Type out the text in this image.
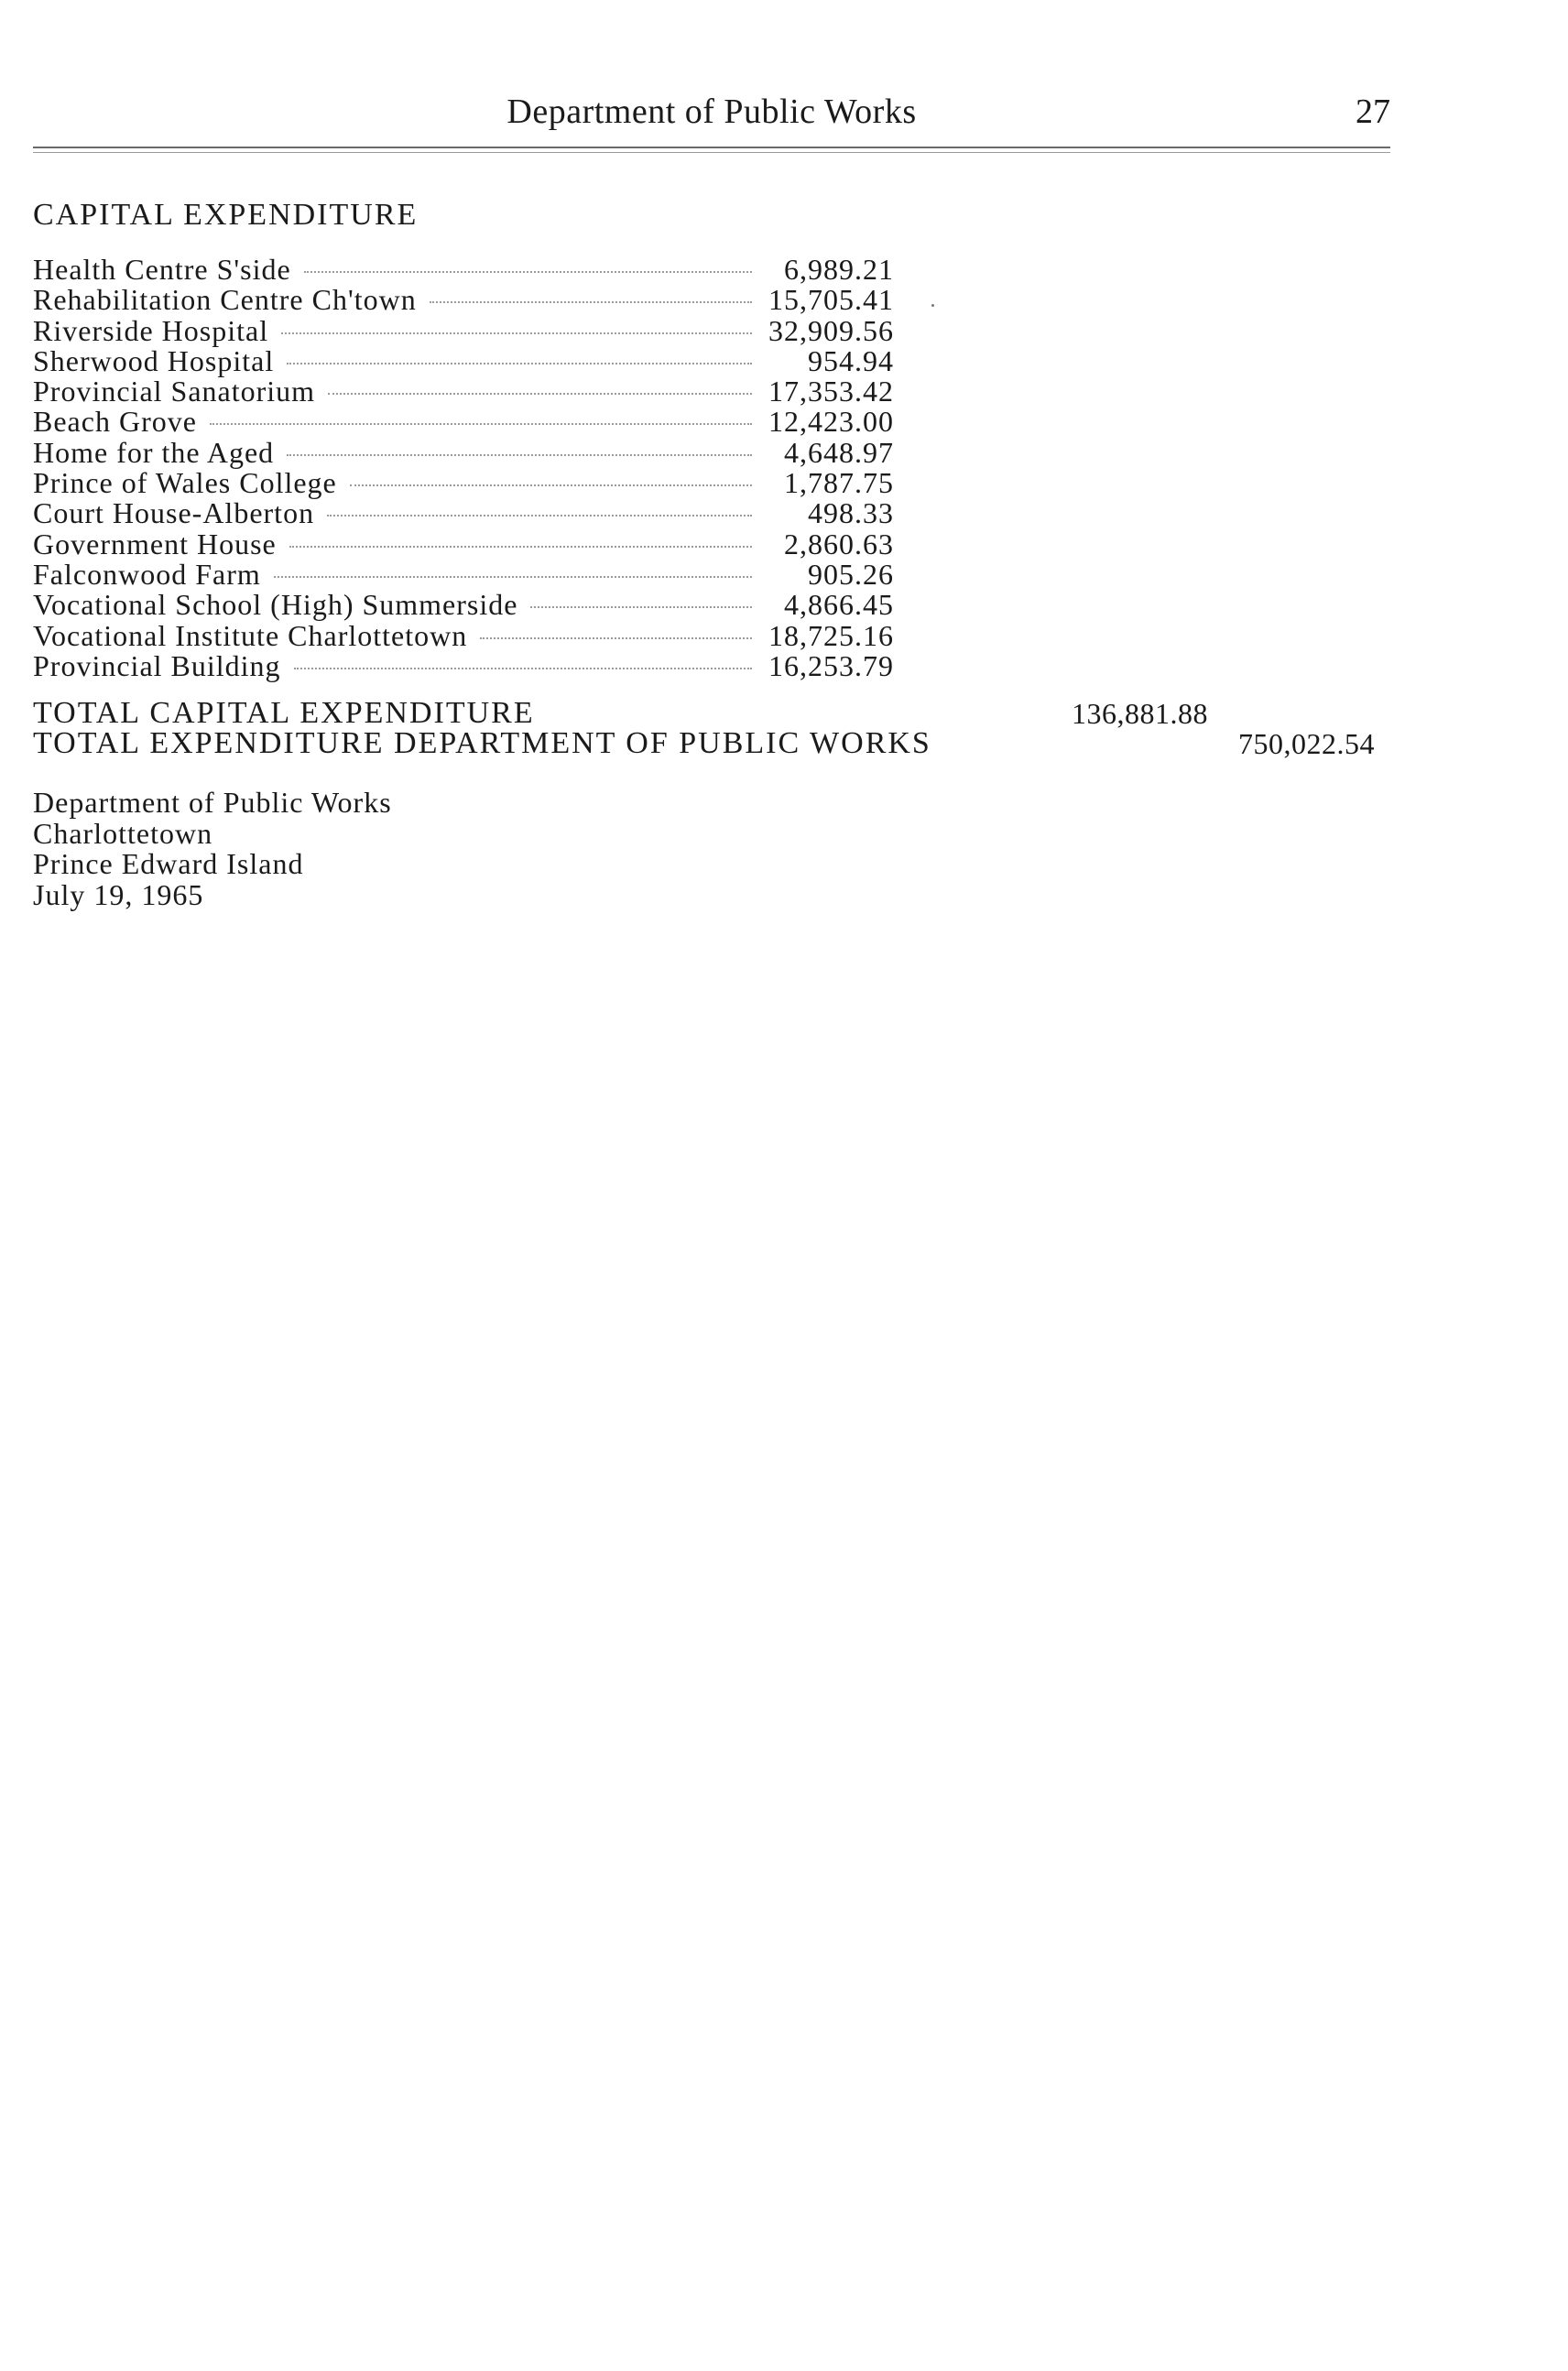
Department of Public Works	27
CAPITAL EXPENDITURE
Health Centre S'side	6,989.21
Rehabilitation Centre Ch'town	15,705.41
Riverside Hospital	32,909.56
Sherwood Hospital	954.94
Provincial Sanatorium	17,353.42
Beach Grove	12,423.00
Home for the Aged	4,648.97
Prince of Wales College	1,787.75
Court House-Alberton	498.33
Government House	2,860.63
Falconwood Farm	905.26
Vocational School (High) Summerside	4,866.45
Vocational Institute Charlottetown	18,725.16
Provincial Building	16,253.79
TOTAL CAPITAL EXPENDITURE	136,881.88
TOTAL EXPENDITURE DEPARTMENT OF PUBLIC WORKS	750,022.54
Department of Public Works
Charlottetown
Prince Edward Island
July 19, 1965
